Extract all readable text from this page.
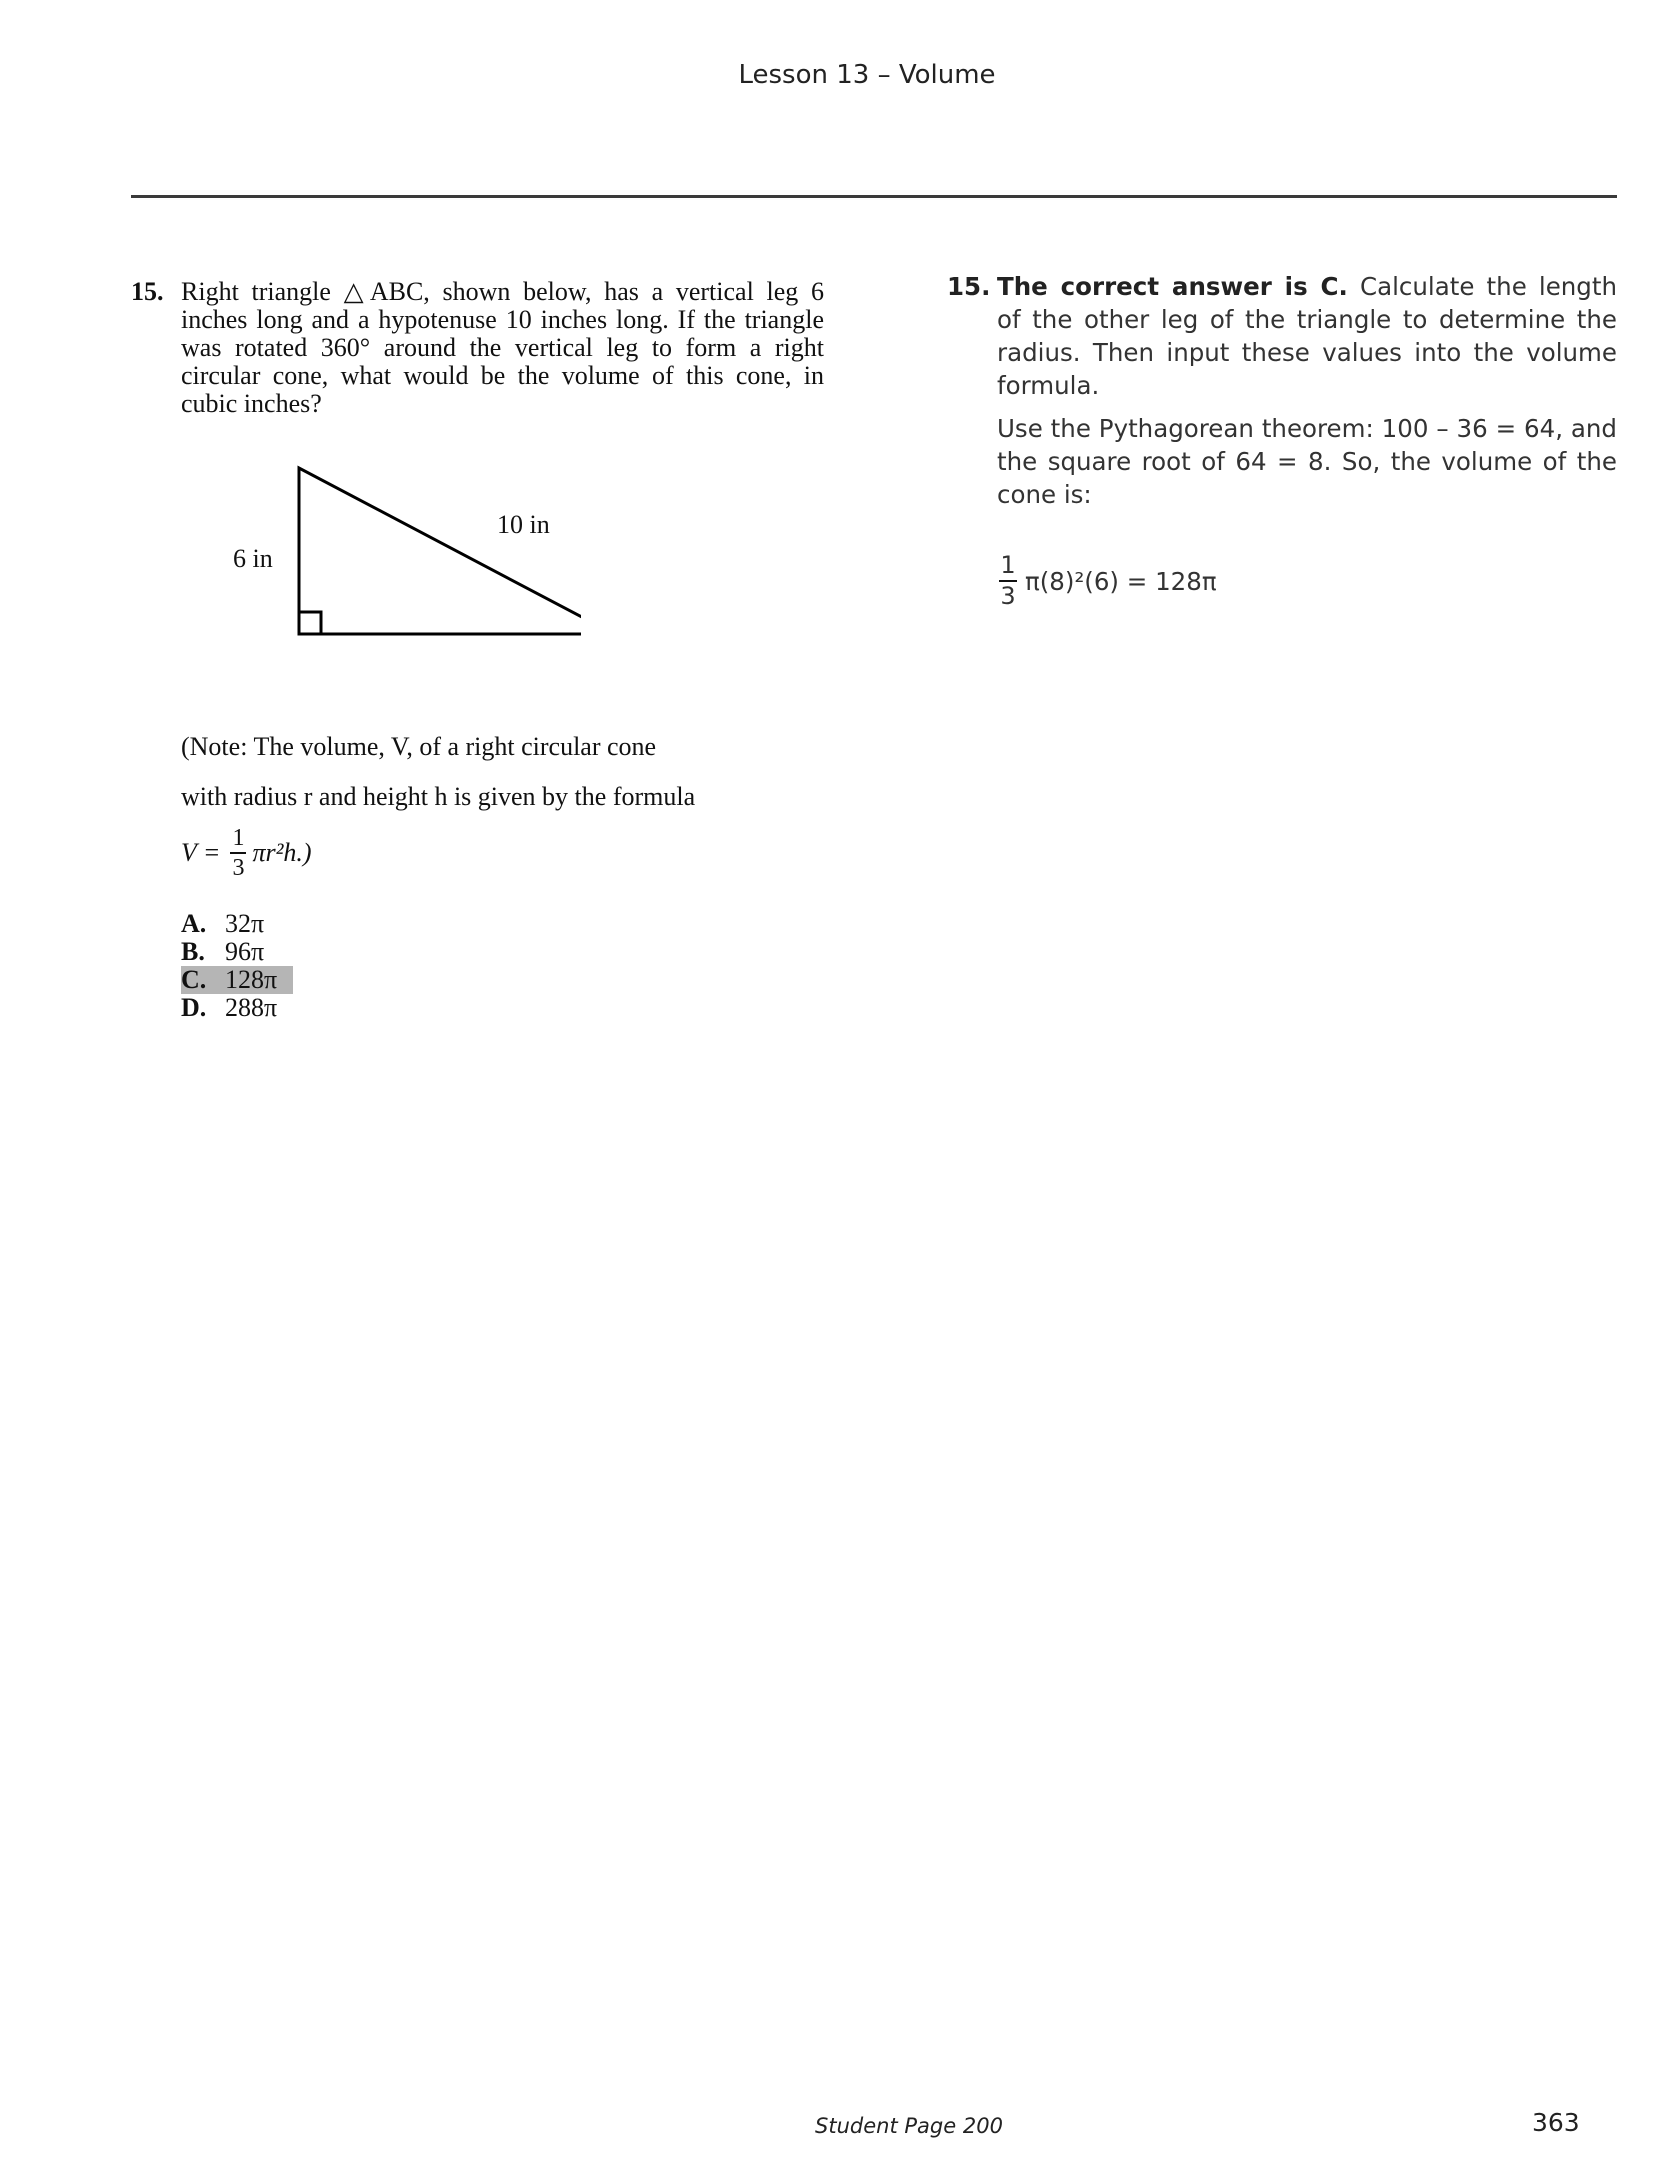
Lesson 13 – Volume
15. Right triangle △ABC, shown below, has a vertical leg 6 inches long and a hypotenuse 10 inches long. If the triangle was rotated 360° around the vertical leg to form a right circular cone, what would be the volume of this cone, in cubic inches?
6 in
10 in
(Note: The volume, V, of a right circular cone
with radius r and height h is given by the formula
$V = \frac{1}{3} \pi r^2h$.)
A. 32π
B. 96π
C. 128π
D. 288π
15. The correct answer is C. Calculate the length of the other leg of the triangle to determine the radius. Then input these values into the volume formula.
Use the Pythagorean theorem: 100 – 36 = 64, and the square root of 64 = 8. So, the volume of the cone is:
$\frac{1}{3} \pi(8)^2(6) = 128\pi$
Student Page 200	363
